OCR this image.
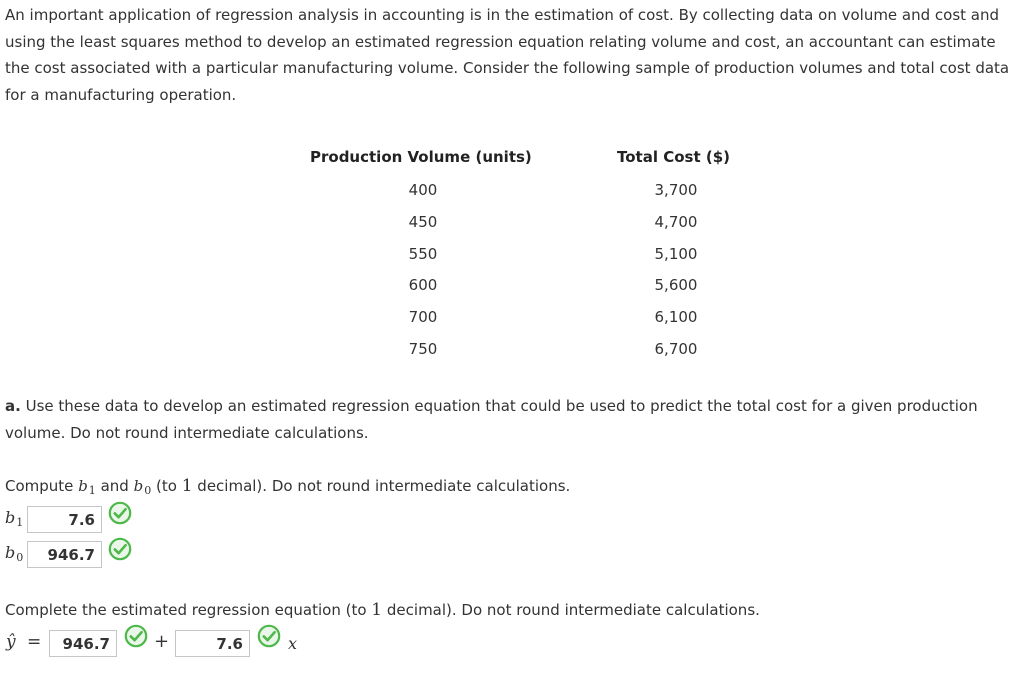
An important application of regression analysis in accounting is in the estimation of cost. By collecting data on volume and cost and using the least squares method to develop an estimated regression equation relating volume and cost, an accountant can estimate the cost associated with a particular manufacturing volume. Consider the following sample of production volumes and total cost data for a manufacturing operation.

Production Volume (units)	Total Cost ($)
400	3,700
450	4,700
550	5,100
600	5,600
700	6,100
750	6,700

a. Use these data to develop an estimated regression equation that could be used to predict the total cost for a given production volume. Do not round intermediate calculations.

Compute $b_1$ and $b_0$ (to 1 decimal). Do not round intermediate calculations.
$b_1$	7.6
$b_0$	946.7
Complete the estimated regression equation (to 1 decimal). Do not round intermediate calculations.
ŷ =	946.7	+	7.6	x
